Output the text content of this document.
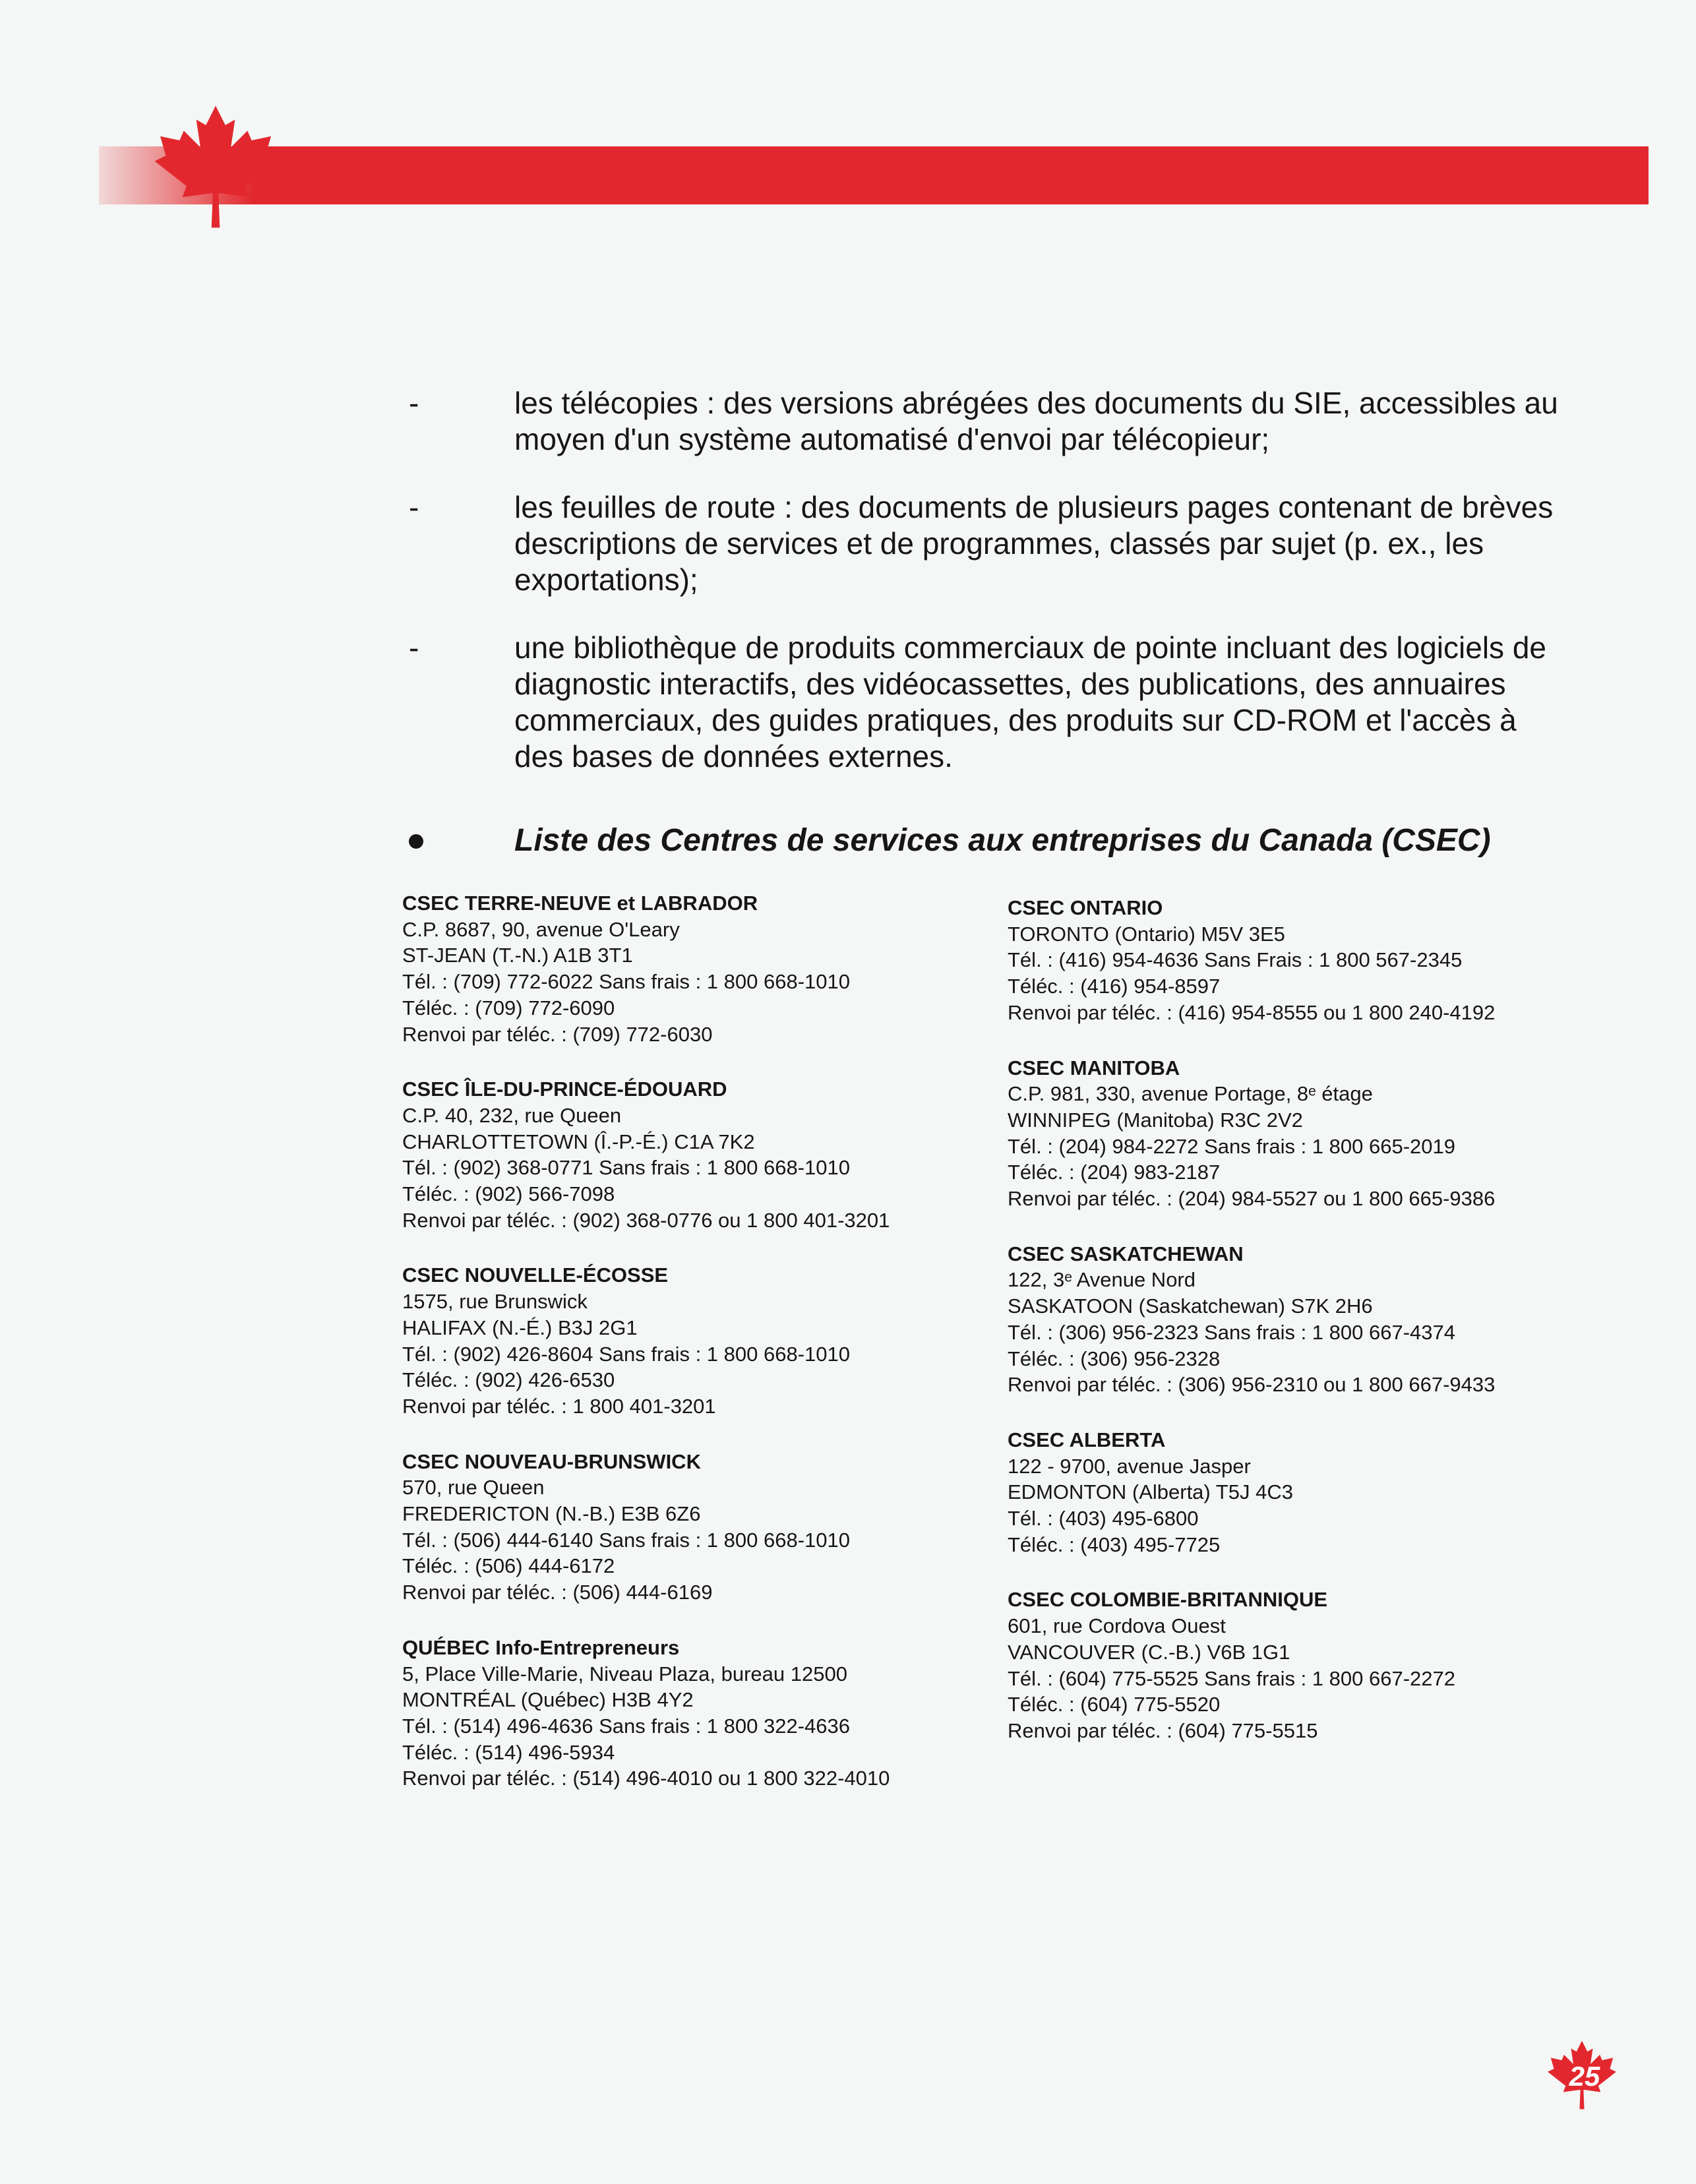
-	les télécopies : des versions abrégées des documents du SIE, accessibles au moyen d'un système automatisé d'envoi par télécopieur;
-	les feuilles de route : des documents de plusieurs pages contenant de brèves descriptions de services et de programmes, classés par sujet (p. ex., les exportations);
-	une bibliothèque de produits commerciaux de pointe incluant des logiciels de diagnostic interactifs, des vidéocassettes, des publications, des annuaires commerciaux, des guides pratiques, des produits sur CD-ROM et l'accès à des bases de données externes.
Liste des Centres de services aux entreprises du Canada (CSEC)
CSEC TERRE-NEUVE et LABRADOR
C.P. 8687, 90, avenue O'Leary
ST-JEAN (T.-N.) A1B 3T1
Tél. : (709) 772-6022 Sans frais : 1 800 668-1010
Téléc. : (709) 772-6090
Renvoi par téléc. : (709) 772-6030
CSEC ÎLE-DU-PRINCE-ÉDOUARD
C.P. 40, 232, rue Queen
CHARLOTTETOWN (Î.-P.-É.) C1A 7K2
Tél. : (902) 368-0771 Sans frais : 1 800 668-1010
Téléc. : (902) 566-7098
Renvoi par téléc. : (902) 368-0776 ou 1 800 401-3201
CSEC NOUVELLE-ÉCOSSE
1575, rue Brunswick
HALIFAX (N.-É.) B3J 2G1
Tél. : (902) 426-8604 Sans frais : 1 800 668-1010
Téléc. : (902) 426-6530
Renvoi par téléc. : 1 800 401-3201
CSEC NOUVEAU-BRUNSWICK
570, rue Queen
FREDERICTON (N.-B.) E3B 6Z6
Tél. : (506) 444-6140 Sans frais : 1 800 668-1010
Téléc. : (506) 444-6172
Renvoi par téléc. : (506) 444-6169
QUÉBEC Info-Entrepreneurs
5, Place Ville-Marie, Niveau Plaza, bureau 12500
MONTRÉAL (Québec) H3B 4Y2
Tél. : (514) 496-4636 Sans frais : 1 800 322-4636
Téléc. : (514) 496-5934
Renvoi par téléc. : (514) 496-4010 ou 1 800 322-4010
CSEC ONTARIO
TORONTO (Ontario) M5V 3E5
Tél. : (416) 954-4636 Sans Frais : 1 800 567-2345
Téléc. : (416) 954-8597
Renvoi par téléc. : (416) 954-8555 ou 1 800 240-4192
CSEC MANITOBA
C.P. 981, 330, avenue Portage, 8ᵉ étage
WINNIPEG (Manitoba) R3C 2V2
Tél. : (204) 984-2272 Sans frais : 1 800 665-2019
Téléc. : (204) 983-2187
Renvoi par téléc. : (204) 984-5527 ou 1 800 665-9386
CSEC SASKATCHEWAN
122, 3ᵉ Avenue Nord
SASKATOON (Saskatchewan) S7K 2H6
Tél. : (306) 956-2323 Sans frais : 1 800 667-4374
Téléc. : (306) 956-2328
Renvoi par téléc. : (306) 956-2310 ou 1 800 667-9433
CSEC ALBERTA
122 - 9700, avenue Jasper
EDMONTON (Alberta) T5J 4C3
Tél. : (403) 495-6800
Téléc. : (403) 495-7725
CSEC COLOMBIE-BRITANNIQUE
601, rue Cordova Ouest
VANCOUVER (C.-B.) V6B 1G1
Tél. : (604) 775-5525 Sans frais : 1 800 667-2272
Téléc. : (604) 775-5520
Renvoi par téléc. : (604) 775-5515
25
